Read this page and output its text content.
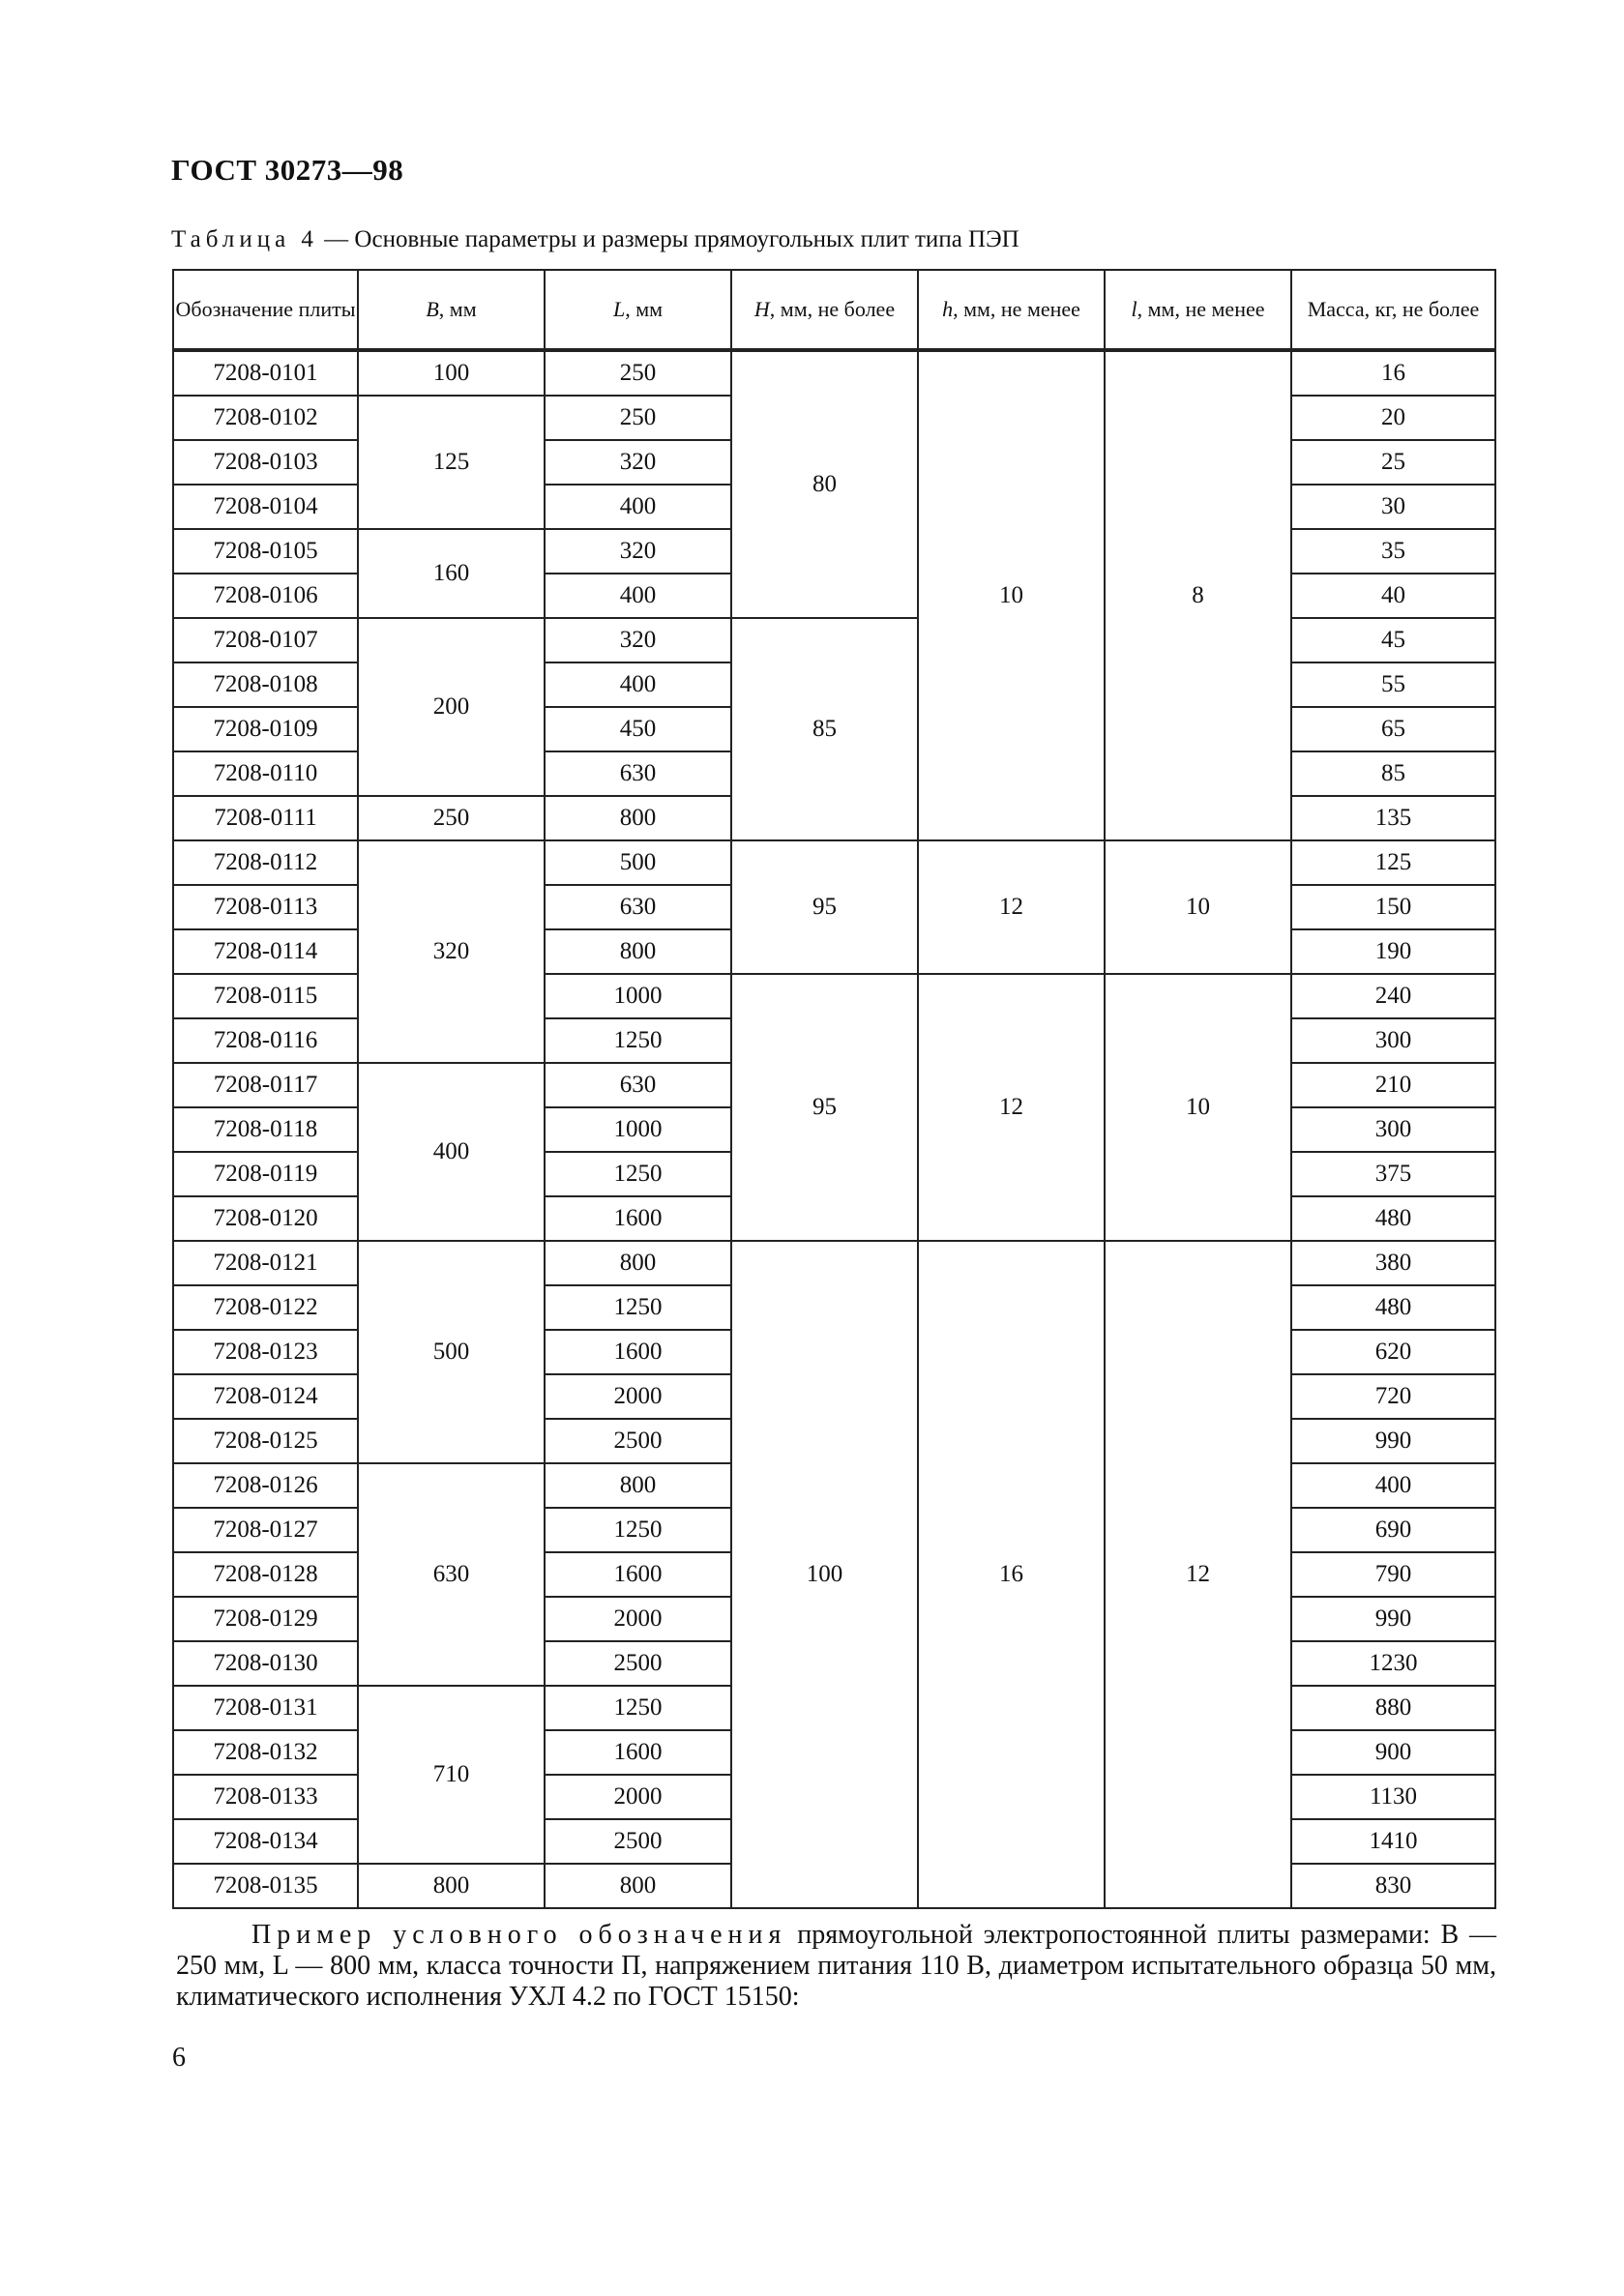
ГОСТ 30273—98
Таблица 4 — Основные параметры и размеры прямоугольных плит типа ПЭП
Обозначение плиты	B, мм	L, мм	H, мм, не более	h, мм, не менее	l, мм, не менее	Масса, кг, не более
7208-0101	100	250	80	10	8	16
7208-0102	125	250				20
7208-0103		320				25
7208-0104		400				30
7208-0105	160	320				35
7208-0106		400				40
7208-0107	200	320	85			45
7208-0108		400				55
7208-0109		450				65
7208-0110		630				85
7208-0111	250	800				135
7208-0112	320	500	95	12	10	125
7208-0113		630				150
7208-0114		800				190
7208-0115		1000	95	12	10	240
7208-0116		1250				300
7208-0117	400	630				210
7208-0118		1000				300
7208-0119		1250				375
7208-0120		1600				480
7208-0121	500	800	100	16	12	380
7208-0122		1250				480
7208-0123		1600				620
7208-0124		2000				720
7208-0125		2500				990
7208-0126	630	800				400
7208-0127		1250				690
7208-0128		1600				790
7208-0129		2000				990
7208-0130		2500				1230
7208-0131	710	1250				880
7208-0132		1600				900
7208-0133		2000				1130
7208-0134		2500				1410
7208-0135	800	800				830
Пример условного обозначения прямоугольной электропостоянной плиты размерами: B — 250 мм, L — 800 мм, класса точности П, напряжением питания 110 В, диаметром испытательного образца 50 мм, климатического исполнения УХЛ 4.2 по ГОСТ 15150:
6
